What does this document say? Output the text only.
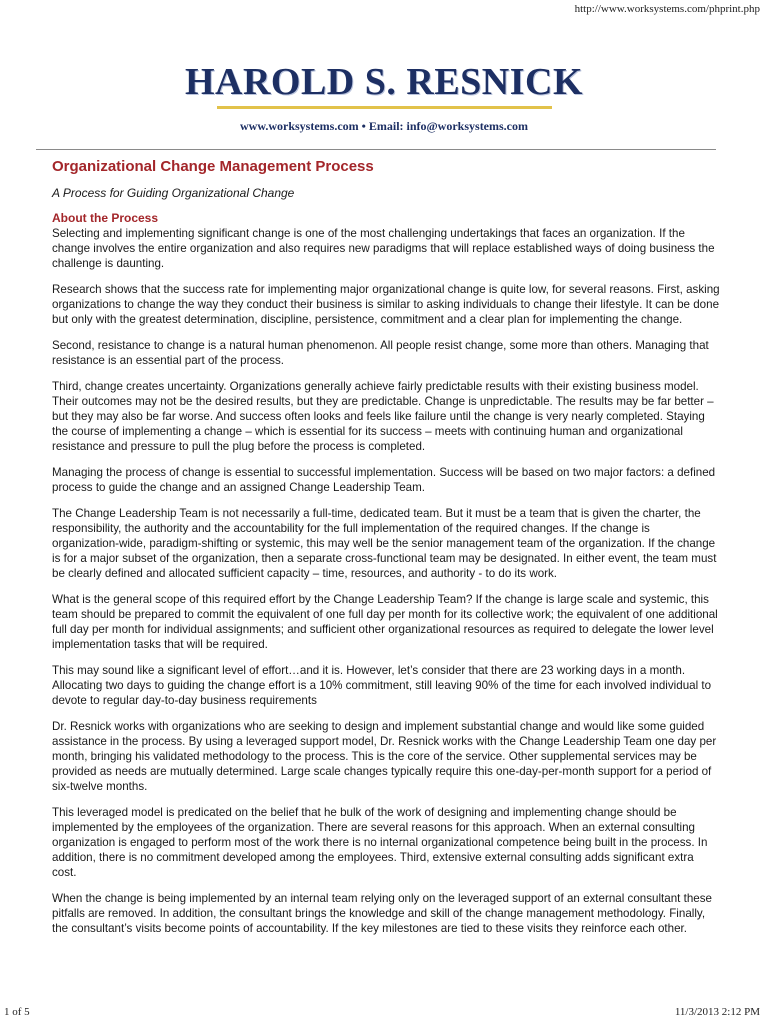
http://www.worksystems.com/phprint.php
HAROLD S. RESNICK
www.worksystems.com • Email: info@worksystems.com
Organizational Change Management Process

A Process for Guiding Organizational Change

About the Process

Selecting and implementing significant change is one of the most challenging undertakings that faces an organization. If the change involves the entire organization and also requires new paradigms that will replace established ways of doing business the challenge is daunting.

Research shows that the success rate for implementing major organizational change is quite low, for several reasons. First, asking organizations to change the way they conduct their business is similar to asking individuals to change their lifestyle. It can be done but only with the greatest determination, discipline, persistence, commitment and a clear plan for implementing the change.

Second, resistance to change is a natural human phenomenon. All people resist change, some more than others. Managing that resistance is an essential part of the process.

Third, change creates uncertainty. Organizations generally achieve fairly predictable results with their existing business model. Their outcomes may not be the desired results, but they are predictable. Change is unpredictable. The results may be far better – but they may also be far worse. And success often looks and feels like failure until the change is very nearly completed. Staying the course of implementing a change – which is essential for its success – meets with continuing human and organizational resistance and pressure to pull the plug before the process is completed.

Managing the process of change is essential to successful implementation. Success will be based on two major factors: a defined process to guide the change and an assigned Change Leadership Team.

The Change Leadership Team is not necessarily a full-time, dedicated team. But it must be a team that is given the charter, the responsibility, the authority and the accountability for the full implementation of the required changes. If the change is organization-wide, paradigm-shifting or systemic, this may well be the senior management team of the organization. If the change is for a major subset of the organization, then a separate cross-functional team may be designated. In either event, the team must be clearly defined and allocated sufficient capacity – time, resources, and authority - to do its work.

What is the general scope of this required effort by the Change Leadership Team? If the change is large scale and systemic, this team should be prepared to commit the equivalent of one full day per month for its collective work; the equivalent of one additional full day per month for individual assignments; and sufficient other organizational resources as required to delegate the lower level implementation tasks that will be required.

This may sound like a significant level of effort…and it is. However, let’s consider that there are 23 working days in a month. Allocating two days to guiding the change effort is a 10% commitment, still leaving 90% of the time for each involved individual to devote to regular day-to-day business requirements

Dr. Resnick works with organizations who are seeking to design and implement substantial change and would like some guided assistance in the process. By using a leveraged support model, Dr. Resnick works with the Change Leadership Team one day per month, bringing his validated methodology to the process. This is the core of the service. Other supplemental services may be provided as needs are mutually determined. Large scale changes typically require this one-day-per-month support for a period of six-twelve months.

This leveraged model is predicated on the belief that he bulk of the work of designing and implementing change should be implemented by the employees of the organization. There are several reasons for this approach. When an external consulting organization is engaged to perform most of the work there is no internal organizational competence being built in the process. In addition, there is no commitment developed among the employees. Third, extensive external consulting adds significant extra cost.

When the change is being implemented by an internal team relying only on the leveraged support of an external consultant these pitfalls are removed. In addition, the consultant brings the knowledge and skill of the change management methodology. Finally, the consultant’s visits become points of accountability. If the key milestones are tied to these visits they reinforce each other.

1 of 5	11/3/2013 2:12 PM
